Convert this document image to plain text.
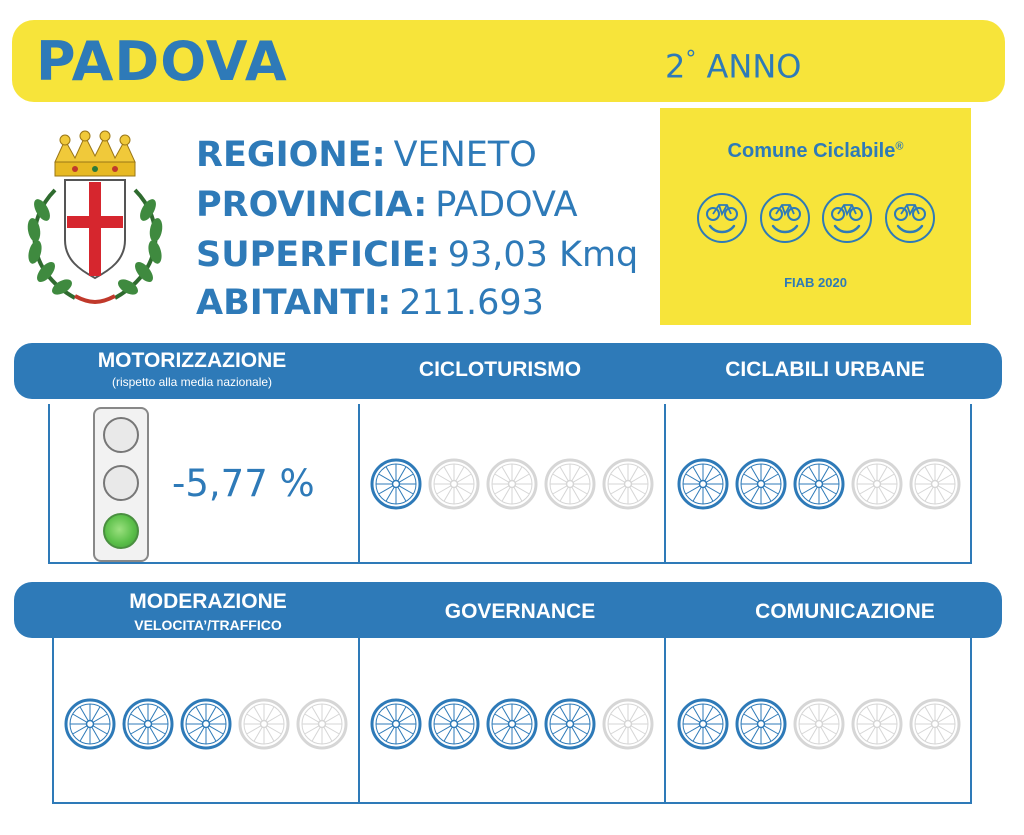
PADOVA	2° ANNO
REGIONE: VENETO
PROVINCIA: PADOVA
SUPERFICIE: 93,03 Kmq
ABITANTI: 211.693
Comune Ciclabile®
FIAB 2020
MOTORIZZAZIONE
(rispetto alla media nazionale)
CICLOTURISMO	CICLABILI URBANE
-5,77 %
MODERAZIONE
VELOCITA’/TRAFFICO
GOVERNANCE	COMUNICAZIONE
